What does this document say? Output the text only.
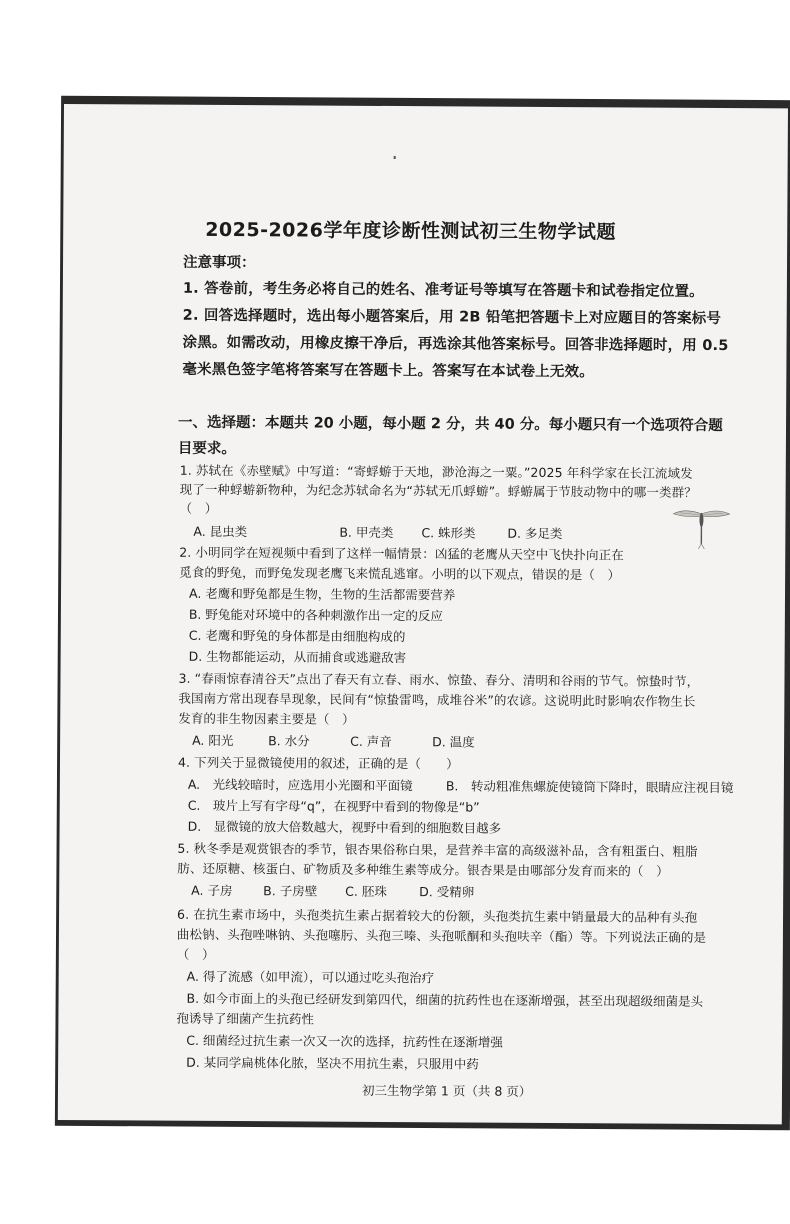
2025-2026学年度诊断性测试初三生物学试题
注意事项：
1. 答卷前，考生务必将自己的姓名、准考证号等填写在答题卡和试卷指定位置。
2. 回答选择题时，选出每小题答案后，用 2B 铅笔把答题卡上对应题目的答案标号
涂黑。如需改动，用橡皮擦干净后，再选涂其他答案标号。回答非选择题时，用 0.5
毫米黑色签字笔将答案写在答题卡上。答案写在本试卷上无效。
一、选择题：本题共 20 小题，每小题 2 分，共 40 分。每小题只有一个选项符合题
目要求。
1. 苏轼在《赤壁赋》中写道：“寄蜉蝣于天地，渺沧海之一粟。”2025 年科学家在长江流域发
现了一种蜉蝣新物种，为纪念苏轼命名为“苏轼无爪蜉蝣”。蜉蝣属于节肢动物中的哪一类群？
（　）
A. 昆虫类	B. 甲壳类 C. 蛛形类	D. 多足类
2. 小明同学在短视频中看到了这样一幅情景：凶猛的老鹰从天空中飞快扑向正在
觅食的野兔，而野兔发现老鹰飞来慌乱逃窜。小明的以下观点，错误的是（　）
A. 老鹰和野兔都是生物，生物的生活都需要营养
B. 野兔能对环境中的各种刺激作出一定的反应
C. 老鹰和野兔的身体都是由细胞构成的
D. 生物都能运动，从而捕食或逃避敌害
3. “春雨惊春清谷天”点出了春天有立春、雨水、惊蛰、春分、清明和谷雨的节气。惊蛰时节，
我国南方常出现春旱现象，民间有“惊蛰雷鸣，成堆谷米”的农谚。这说明此时影响农作物生长
发育的非生物因素主要是（　）
A. 阳光	B. 水分	C. 声音	D. 温度
4. 下列关于显微镜使用的叙述，正确的是（　　）
A.　光线较暗时，应选用小光圈和平面镜	B.　转动粗准焦螺旋使镜筒下降时，眼睛应注视目镜
C.　玻片上写有字母“q”，在视野中看到的物像是“b”
D.　显微镜的放大倍数越大，视野中看到的细胞数目越多
5. 秋冬季是观赏银杏的季节，银杏果俗称白果，是营养丰富的高级滋补品，含有粗蛋白、粗脂
肪、还原糖、核蛋白、矿物质及多种维生素等成分。银杏果是由哪部分发育而来的（　）
A. 子房 B. 子房壁 C. 胚珠	D. 受精卵
6. 在抗生素市场中，头孢类抗生素占据着较大的份额，头孢类抗生素中销量最大的品种有头孢
曲松钠、头孢唑啉钠、头孢噻肟、头孢三嗪、头孢哌酮和头孢呋辛（酯）等。下列说法正确的是
（　）
A. 得了流感（如甲流），可以通过吃头孢治疗
B. 如今市面上的头孢已经研发到第四代，细菌的抗药性也在逐渐增强，甚至出现超级细菌是头
孢诱导了细菌产生抗药性
C. 细菌经过抗生素一次又一次的选择，抗药性在逐渐增强
D. 某同学扁桃体化脓，坚决不用抗生素，只服用中药
初三生物学第 1 页（共 8 页）
